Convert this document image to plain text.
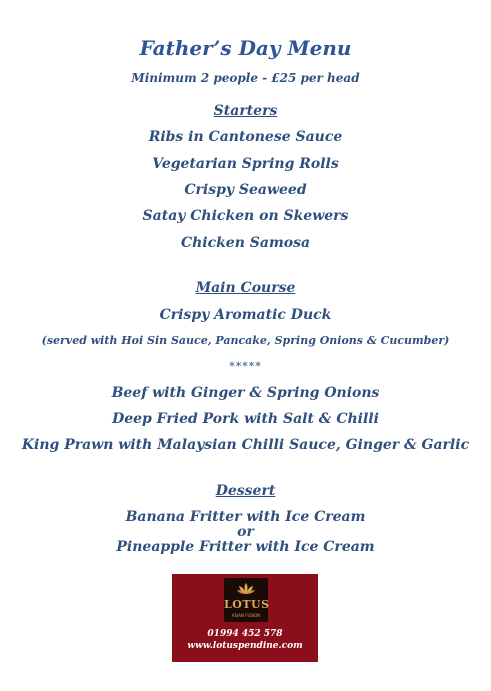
Father’s Day Menu
Minimum 2 people - £25 per head
Starters
Ribs in Cantonese Sauce
Vegetarian Spring Rolls
Crispy Seaweed
Satay Chicken on Skewers
Chicken Samosa
Main Course
Crispy Aromatic Duck
(served with Hoi Sin Sauce, Pancake, Spring Onions & Cucumber)
*****
Beef with Ginger & Spring Onions
Deep Fried Pork with Salt & Chilli
King Prawn with Malaysian Chilli Sauce, Ginger & Garlic
Dessert
Banana Fritter with Ice Cream
or
Pineapple Fritter with Ice Cream
LOTUS
ASIAN FUSION
01994 452 578
www.lotuspendine.com
